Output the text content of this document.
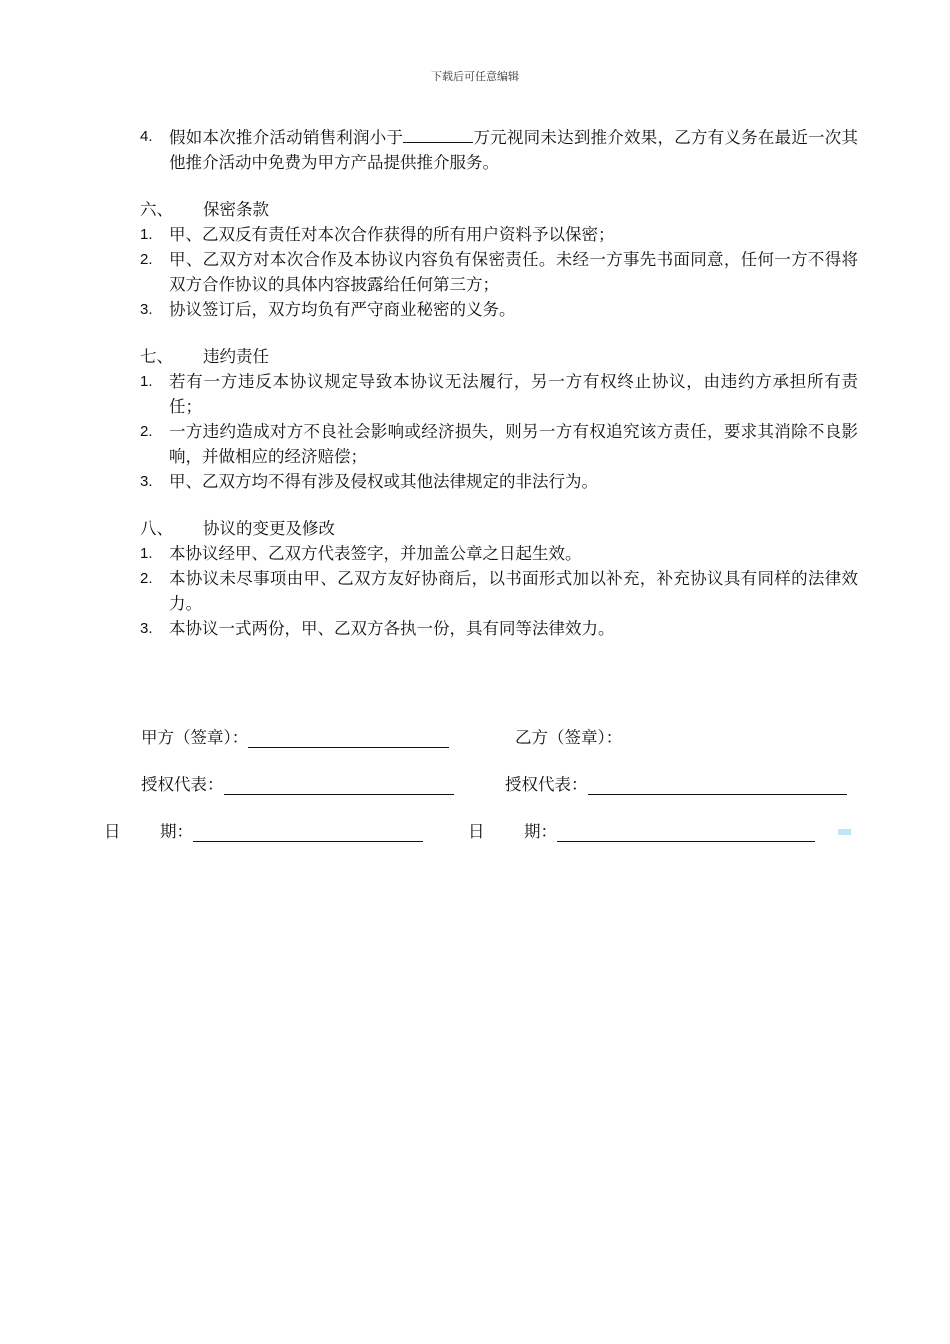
下载后可任意编辑
4. 假如本次推介活动销售利润小于	万元视同未达到推介效果，乙方有义务在最近一次其他推介活动中免费为甲方产品提供推介服务。
六、	保密条款
1. 甲、乙双反有责任对本次合作获得的所有用户资料予以保密；
2. 甲、乙双方对本次合作及本协议内容负有保密责任。未经一方事先书面同意，任何一方不得将双方合作协议的具体内容披露给任何第三方；
3. 协议签订后，双方均负有严守商业秘密的义务。
七、	违约责任
1. 若有一方违反本协议规定导致本协议无法履行，另一方有权终止协议，由违约方承担所有责任；
2. 一方违约造成对方不良社会影响或经济损失，则另一方有权追究该方责任，要求其消除不良影响，并做相应的经济赔偿；
3. 甲、乙双方均不得有涉及侵权或其他法律规定的非法行为。
八、	协议的变更及修改
1. 本协议经甲、乙双方代表签字，并加盖公章之日起生效。
2. 本协议未尽事项由甲、乙双方友好协商后，以书面形式加以补充，补充协议具有同样的法律效力。
3. 本协议一式两份，甲、乙双方各执一份，具有同等法律效力。
甲方（签章）：	乙方（签章）：
授权代表：	授权代表：
日	期：	日	期：
